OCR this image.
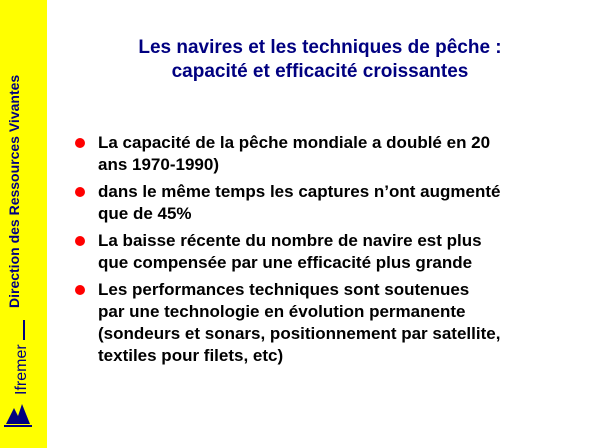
Direction des Ressources Vivantes
Ifremer
Les navires et les techniques de pêche :
capacité et efficacité croissantes
La capacité de la pêche mondiale a doublé en 20
ans 1970-1990)
dans le même temps les captures n’ont augmenté
que de 45%
La baisse récente du nombre de navire est plus
que compensée par une efficacité plus grande
Les performances techniques sont soutenues
par une technologie en évolution permanente
(sondeurs et sonars, positionnement par satellite,
textiles pour filets, etc)
